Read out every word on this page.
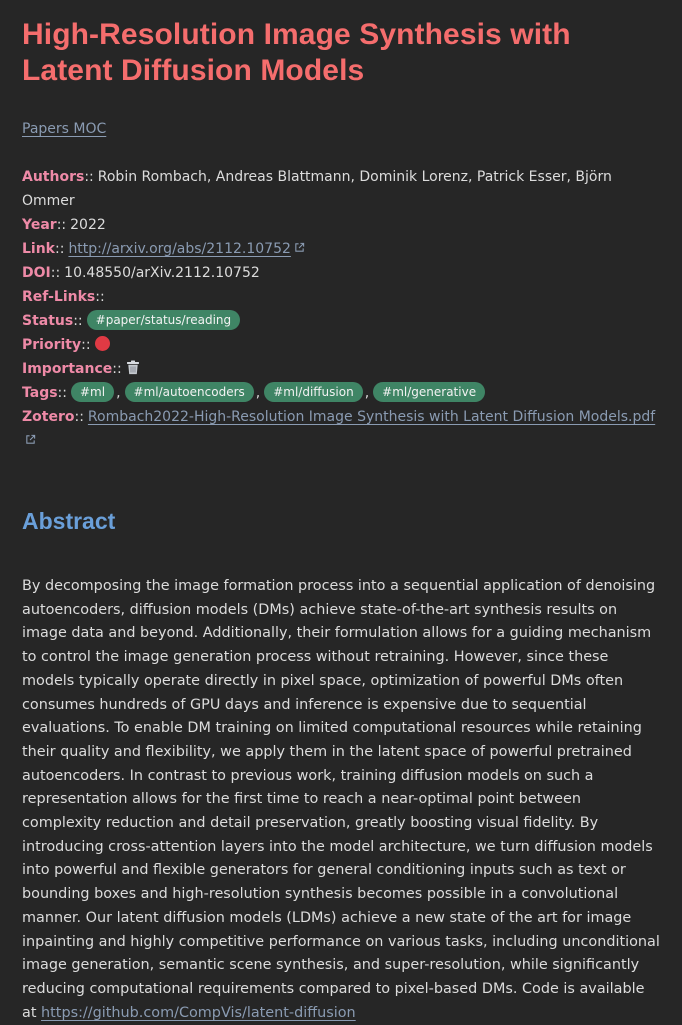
High-Resolution Image Synthesis with Latent Diffusion Models
Papers MOC
Authors:: Robin Rombach, Andreas Blattmann, Dominik Lorenz, Patrick Esser, Björn Ommer
Year:: 2022
Link:: http://arxiv.org/abs/2112.10752
DOI:: 10.48550/arXiv.2112.10752
Ref-Links::
Status:: #paper/status/reading
Priority::
Importance::
Tags:: #ml , #ml/autoencoders , #ml/diffusion , #ml/generative
Zotero:: Rombach2022-High-Resolution Image Synthesis with Latent Diffusion Models.pdf
Abstract

By decomposing the image formation process into a sequential application of denoising autoencoders, diffusion models (DMs) achieve state-of-the-art synthesis results on image data and beyond. Additionally, their formulation allows for a guiding mechanism to control the image generation process without retraining. However, since these models typically operate directly in pixel space, optimization of powerful DMs often consumes hundreds of GPU days and inference is expensive due to sequential evaluations. To enable DM training on limited computational resources while retaining their quality and flexibility, we apply them in the latent space of powerful pretrained autoencoders. In contrast to previous work, training diffusion models on such a representation allows for the first time to reach a near-optimal point between complexity reduction and detail preservation, greatly boosting visual fidelity. By introducing cross-attention layers into the model architecture, we turn diffusion models into powerful and flexible generators for general conditioning inputs such as text or bounding boxes and high-resolution synthesis becomes possible in a convolutional manner. Our latent diffusion models (LDMs) achieve a new state of the art for image inpainting and highly competitive performance on various tasks, including unconditional image generation, semantic scene synthesis, and super-resolution, while significantly reducing computational requirements compared to pixel-based DMs. Code is available at https://github.com/CompVis/latent-diffusion
